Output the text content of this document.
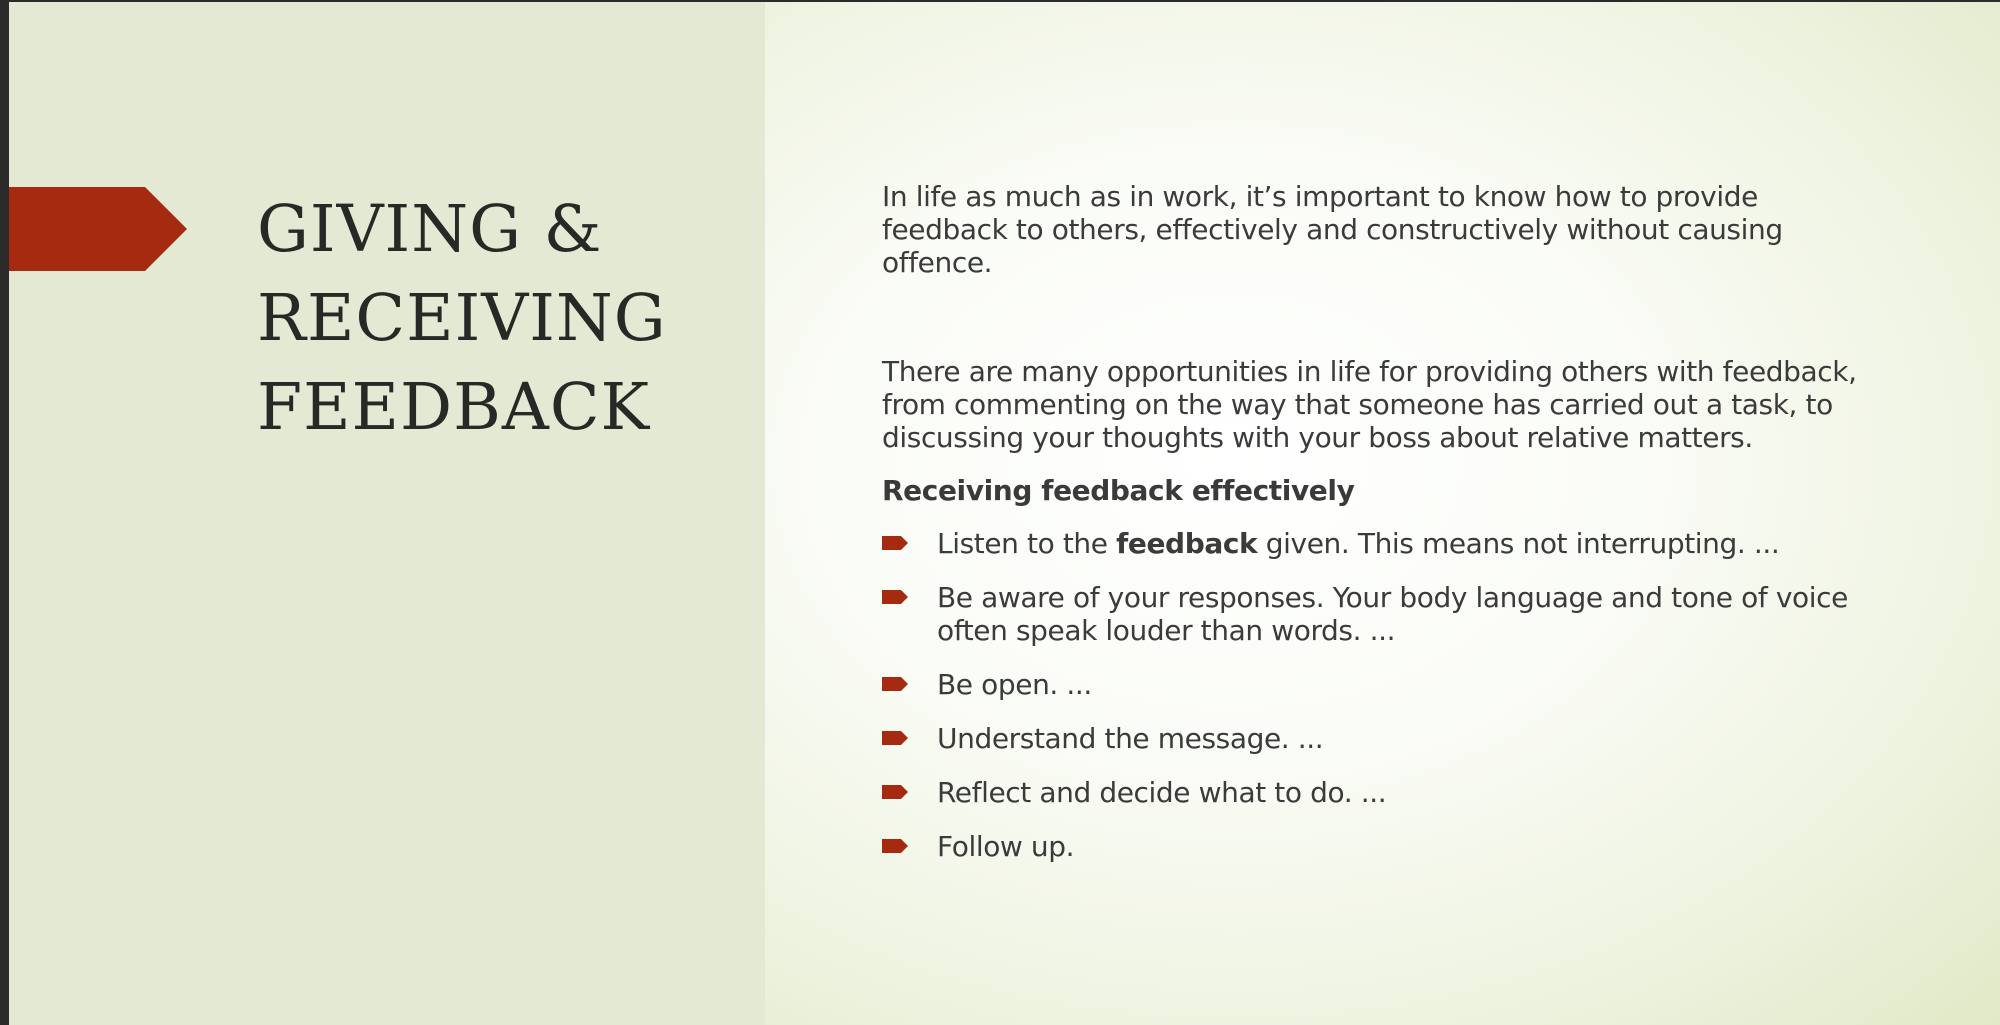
GIVING &
RECEIVING
FEEDBACK

In life as much as in work, it’s important to know how to provide feedback to others, effectively and constructively without causing offence.

There are many opportunities in life for providing others with feedback, from commenting on the way that someone has carried out a task, to discussing your thoughts with your boss about relative matters.

Receiving feedback effectively
Listen to the feedback given. This means not interrupting. ...
Be aware of your responses. Your body language and tone of voice often speak louder than words. ...
Be open. ...
Understand the message. ...
Reflect and decide what to do. ...
Follow up.
